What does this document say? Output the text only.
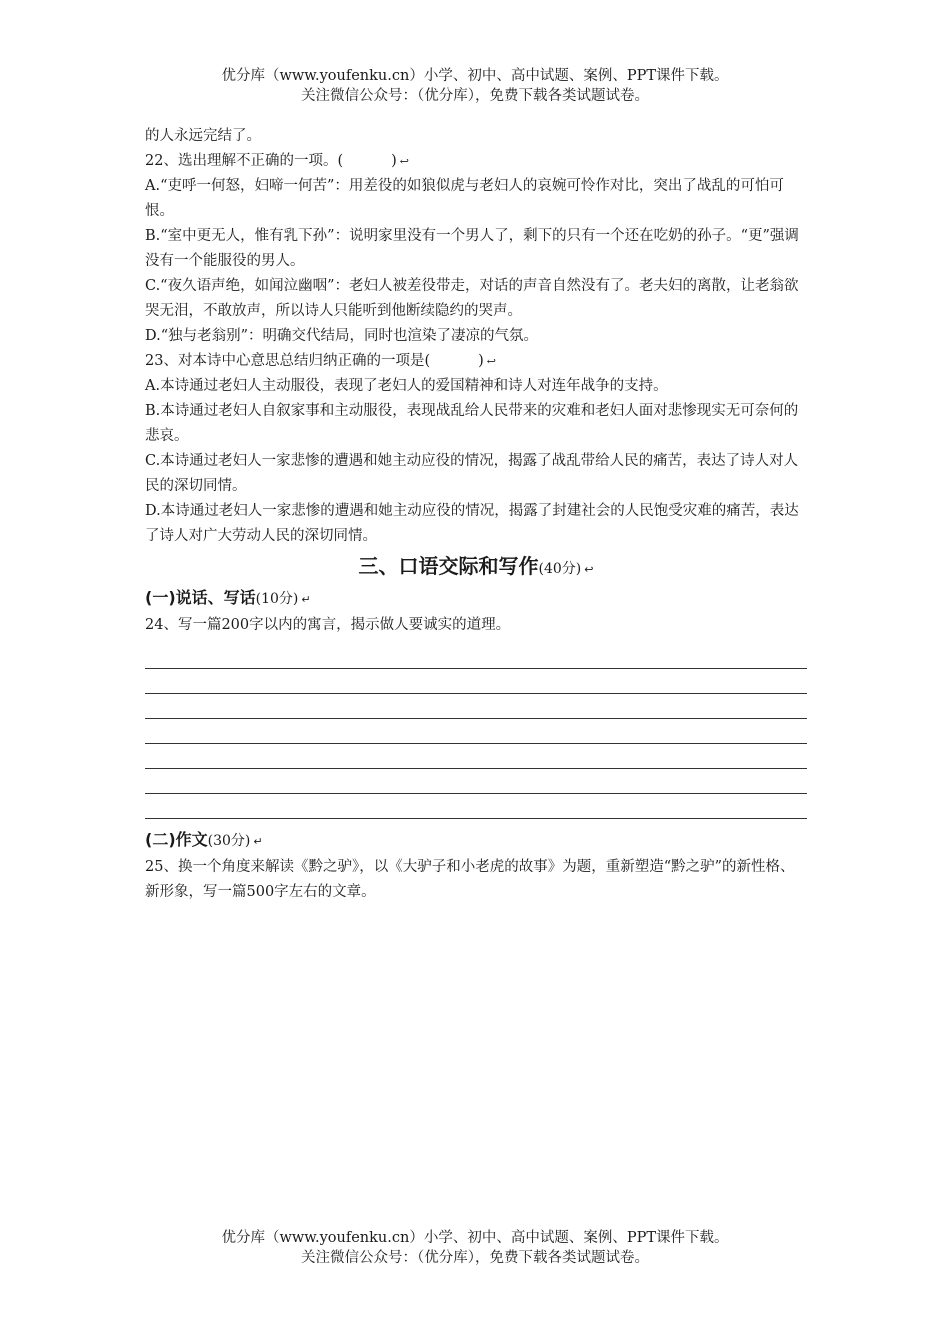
优分库（www.youfenku.cn）小学、初中、高中试题、案例、PPT课件下载。
关注微信公众号：（优分库），免费下载各类试题试卷。
的人永远完结了。
22、选出理解不正确的一项。(	) ↩
A.“吏呼一何怒，妇啼一何苦”：用差役的如狼似虎与老妇人的哀婉可怜作对比，突出了战乱的可怕可恨。
B.“室中更无人，惟有乳下孙”：说明家里没有一个男人了，剩下的只有一个还在吃奶的孙子。“更”强调没有一个能服役的男人。
C.“夜久语声绝，如闻泣幽咽”：老妇人被差役带走，对话的声音自然没有了。老夫妇的离散，让老翁欲哭无泪，不敢放声，所以诗人只能听到他断续隐约的哭声。
D.“独与老翁别”：明确交代结局，同时也渲染了凄凉的气氛。
23、对本诗中心意思总结归纳正确的一项是(	) ↩
A.本诗通过老妇人主动服役，表现了老妇人的爱国精神和诗人对连年战争的支持。
B.本诗通过老妇人自叙家事和主动服役，表现战乱给人民带来的灾难和老妇人面对悲惨现实无可奈何的悲哀。
C.本诗通过老妇人一家悲惨的遭遇和她主动应役的情况，揭露了战乱带给人民的痛苦，表达了诗人对人民的深切同情。
D.本诗通过老妇人一家悲惨的遭遇和她主动应役的情况，揭露了封建社会的人民饱受灾难的痛苦，表达了诗人对广大劳动人民的深切同情。
三、口语交际和写作(40分) ↩
(一)说话、写话(10分) ↵
24、写一篇200字以内的寓言，揭示做人要诚实的道理。
(二)作文(30分) ↵
25、换一个角度来解读《黔之驴》，以《大驴子和小老虎的故事》为题，重新塑造“黔之驴”的新性格、新形象，写一篇500字左右的文章。
优分库（www.youfenku.cn）小学、初中、高中试题、案例、PPT课件下载。
关注微信公众号：（优分库），免费下载各类试题试卷。
